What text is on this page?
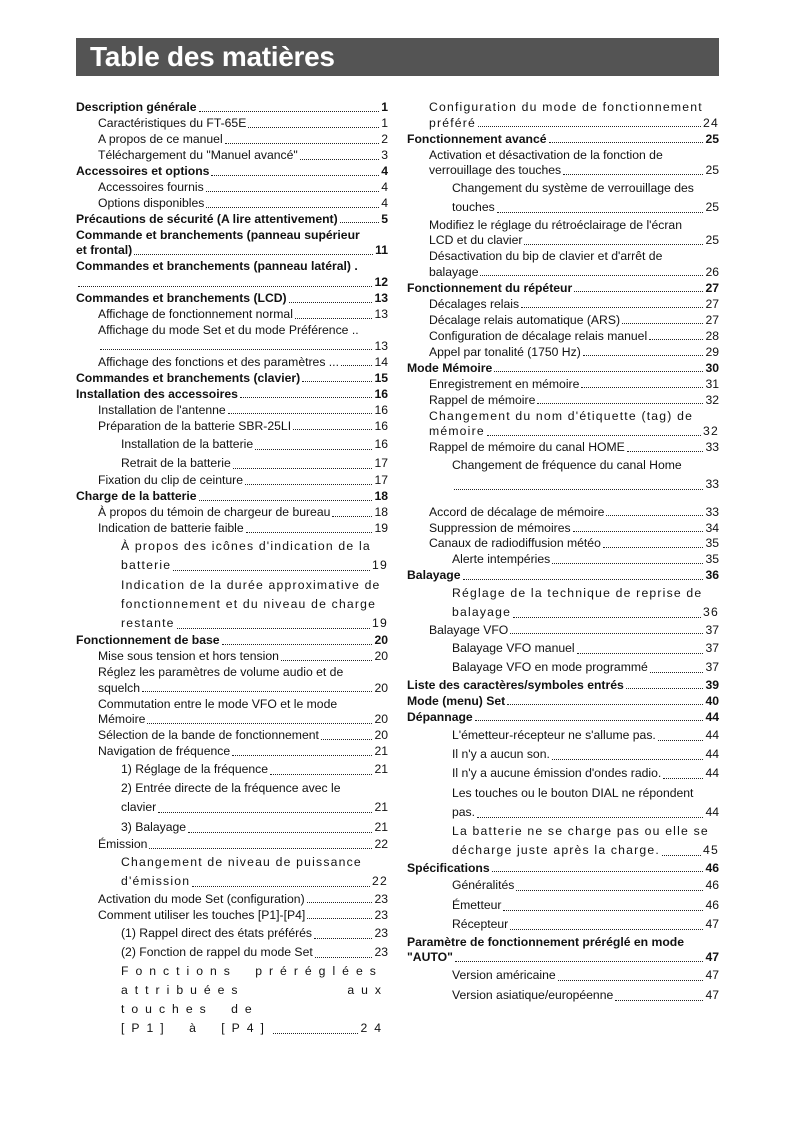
Table des matières
Description générale	1
Caractéristiques du FT-65E	1
A propos de ce manuel	2
Téléchargement du "Manuel avancé"	3
Accessoires et options	4
Accessoires fournis	4
Options disponibles	4
Précautions de sécurité (A lire attentivement)	5
Commande et branchements (panneau supérieur
et frontal)	11
Commandes et branchements (panneau latéral) .
12
Commandes et branchements (LCD)	13
Affichage de fonctionnement normal	13
Affichage du mode Set et du mode Préférence ..
13
Affichage des fonctions et des paramètres ...	14
Commandes et branchements (clavier)	15
Installation des accessoires	16
Installation de l'antenne	16
Préparation de la batterie SBR-25LI	16
Installation de la batterie	16
Retrait de la batterie	17
Fixation du clip de ceinture	17
Charge de la batterie	18
À propos du témoin de chargeur de bureau	18
Indication de batterie faible	19
À propos des icônes d'indication de la
batterie	19
Indication de la durée approximative de
fonctionnement et du niveau de charge
restante	19
Fonctionnement de base	20
Mise sous tension et hors tension	20
Réglez les paramètres de volume audio et de
squelch	20
Commutation entre le mode VFO et le mode
Mémoire	20
Sélection de la bande de fonctionnement	20
Navigation de fréquence	21
1) Réglage de la fréquence	21
2) Entrée directe de la fréquence avec le
clavier	21
3) Balayage	21
Émission	22
Changement de niveau de puissance
d'émission	22
Activation du mode Set (configuration)	23
Comment utiliser les touches [P1]-[P4]	23
(1) Rappel direct des états préférés	23
(2) Fonction de rappel du mode Set	23
Fonctions préréglées
attribuées aux touches de
[P1] à [P4]	24
Configuration du mode de fonctionnement
préféré	24
Fonctionnement avancé	25
Activation et désactivation de la fonction de
verrouillage des touches	25
Changement du système de verrouillage des
touches	25
Modifiez le réglage du rétroéclairage de l'écran
LCD et du clavier	25
Désactivation du bip de clavier et d'arrêt de
balayage	26
Fonctionnement du répéteur	27
Décalages relais	27
Décalage relais automatique (ARS)	27
Configuration de décalage relais manuel	28
Appel par tonalité (1750 Hz)	29
Mode Mémoire	30
Enregistrement en mémoire	31
Rappel de mémoire	32
Changement du nom d'étiquette (tag) de
mémoire	32
Rappel de mémoire du canal HOME	33
Changement de fréquence du canal Home
33
Accord de décalage de mémoire	33
Suppression de mémoires	34
Canaux de radiodiffusion météo	35
Alerte intempéries	35
Balayage	36
Réglage de la technique de reprise de
balayage	36
Balayage VFO	37
Balayage VFO manuel	37
Balayage VFO en mode programmé	37
Liste des caractères/symboles entrés	39
Mode (menu) Set	40
Dépannage	44
L'émetteur-récepteur ne s'allume pas.	44
Il n'y a aucun son.	44
Il n'y a aucune émission d'ondes radio.	44
Les touches ou le bouton DIAL ne répondent
pas.	44
La batterie ne se charge pas ou elle se
décharge juste après la charge.	45
Spécifications	46
Généralités	46
Émetteur	46
Récepteur	47
Paramètre de fonctionnement préréglé en mode
"AUTO"	47
Version américaine	47
Version asiatique/européenne	47
